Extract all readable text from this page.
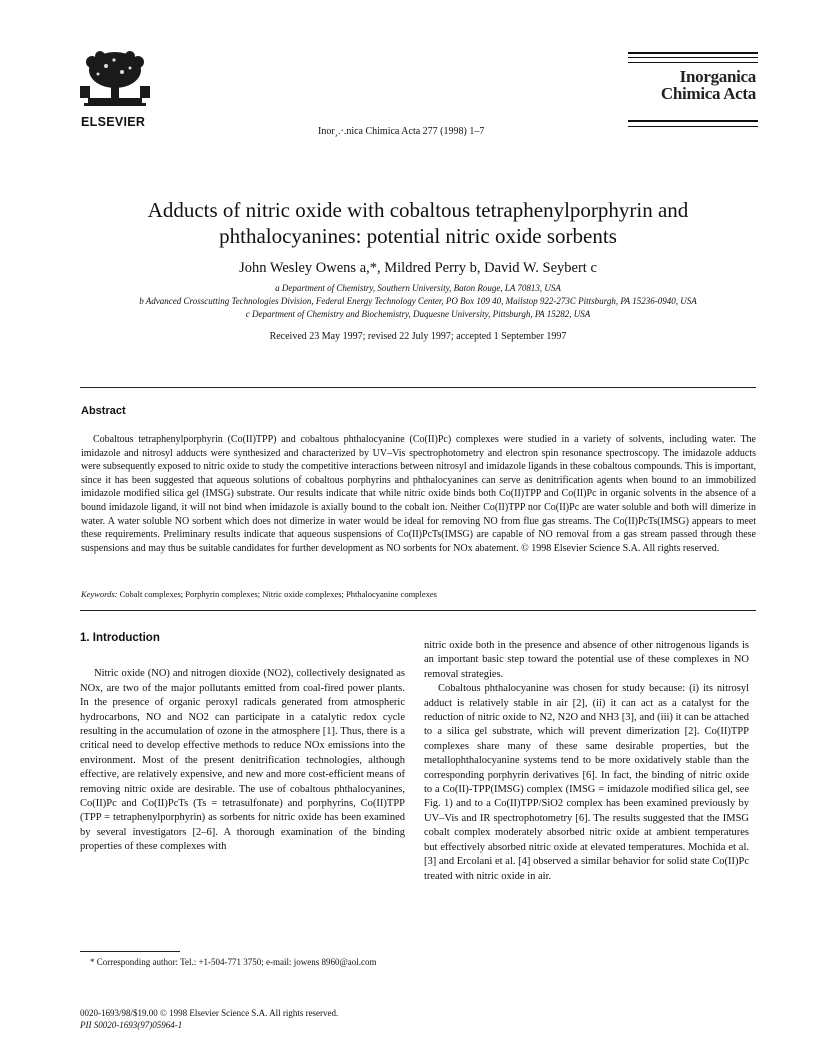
ELSEVIER
Inor¸.·.nica Chimica Acta 277 (1998) 1–7
Inorganica
Chimica Acta
Adducts of nitric oxide with cobaltous tetraphenylporphyrin and
phthalocyanines: potential nitric oxide sorbents
John Wesley Owens a,*, Mildred Perry b, David W. Seybert c
a Department of Chemistry, Southern University, Baton Rouge, LA 70813, USA
b Advanced Crosscutting Technologies Division, Federal Energy Technology Center, PO Box 109 40, Mailstop 922-273C Pittsburgh, PA 15236-0940, USA
c Department of Chemistry and Biochemistry, Duquesne University, Pittsburgh, PA 15282, USA
Received 23 May 1997; revised 22 July 1997; accepted 1 September 1997
Abstract

Cobaltous tetraphenylporphyrin (Co(II)TPP) and cobaltous phthalocyanine (Co(II)Pc) complexes were studied in a variety of solvents, including water. The imidazole and nitrosyl adducts were synthesized and characterized by UV–Vis spectrophotometry and electron spin resonance spectroscopy. The imidazole adducts were subsequently exposed to nitric oxide to study the competitive interactions between nitrosyl and imidazole ligands in these cobaltous compounds. This is important, since it has been suggested that aqueous solutions of cobaltous porphyrins and phthalocyanines can serve as denitrification agents when bound to an immobilized imidazole modified silica gel (IMSG) substrate. Our results indicate that while nitric oxide binds both Co(II)TPP and Co(II)Pc in organic solvents in the absence of a bound imidazole ligand, it will not bind when imidazole is axially bound to the cobalt ion. Neither Co(II)TPP nor Co(II)Pc are water soluble and both will dimerize in water. A water soluble NO sorbent which does not dimerize in water would be ideal for removing NO from flue gas streams. The Co(II)PcTs(IMSG) appears to meet these requirements. Preliminary results indicate that aqueous suspensions of Co(II)PcTs(IMSG) are capable of NO removal from a gas stream passed through these suspensions and may thus be suitable candidates for further development as NO sorbents for NOx abatement. © 1998 Elsevier Science S.A. All rights reserved.

Keywords: Cobalt complexes; Porphyrin complexes; Nitric oxide complexes; Phthalocyanine complexes
1. Introduction

Nitric oxide (NO) and nitrogen dioxide (NO2), collectively designated as NOx, are two of the major pollutants emitted from coal-fired power plants. In the presence of organic peroxyl radicals generated from atmospheric hydrocarbons, NO and NO2 can participate in a catalytic redox cycle resulting in the accumulation of ozone in the atmosphere [1]. Thus, there is a critical need to develop effective methods to reduce NOx emissions into the environment. Most of the present denitrification technologies, although effective, are relatively expensive, and new and more cost-efficient means of removing nitric oxide are desirable. The use of cobaltous phthalocyanines, Co(II)Pc and Co(II)PcTs (Ts = tetrasulfonate) and porphyrins, Co(II)TPP (TPP = tetraphenylporphyrin) as sorbents for nitric oxide has been examined by several investigators [2–6]. A thorough examination of the binding properties of these complexes with

nitric oxide both in the presence and absence of other nitrogenous ligands is an important basic step toward the potential use of these complexes in NO removal strategies.

Cobaltous phthalocyanine was chosen for study because: (i) its nitrosyl adduct is relatively stable in air [2], (ii) it can act as a catalyst for the reduction of nitric oxide to N2, N2O and NH3 [3], and (iii) it can be attached to a silica gel substrate, which will prevent dimerization [2]. Co(II)TPP complexes share many of these same desirable properties, but the metallophthalocyanine systems tend to be more oxidatively stable than the corresponding porphyrin derivatives [6]. In fact, the binding of nitric oxide to a Co(II)-TPP(IMSG) complex (IMSG = imidazole modified silica gel, see Fig. 1) and to a Co(II)TPP/SiO2 complex has been examined previously by UV–Vis and IR spectrophotometry [6]. The results suggested that the IMSG cobalt complex moderately absorbed nitric oxide at ambient temperatures but effectively absorbed nitric oxide at elevated temperatures. Mochida et al. [3] and Ercolani et al. [4] observed a similar behavior for solid state Co(II)Pc treated with nitric oxide in air.

* Corresponding author: Tel.: +1-504-771 3750; e-mail: jowens 8960@aol.com
0020-1693/98/$19.00 © 1998 Elsevier Science S.A. All rights reserved.
PII S0020-1693(97)05964-1
